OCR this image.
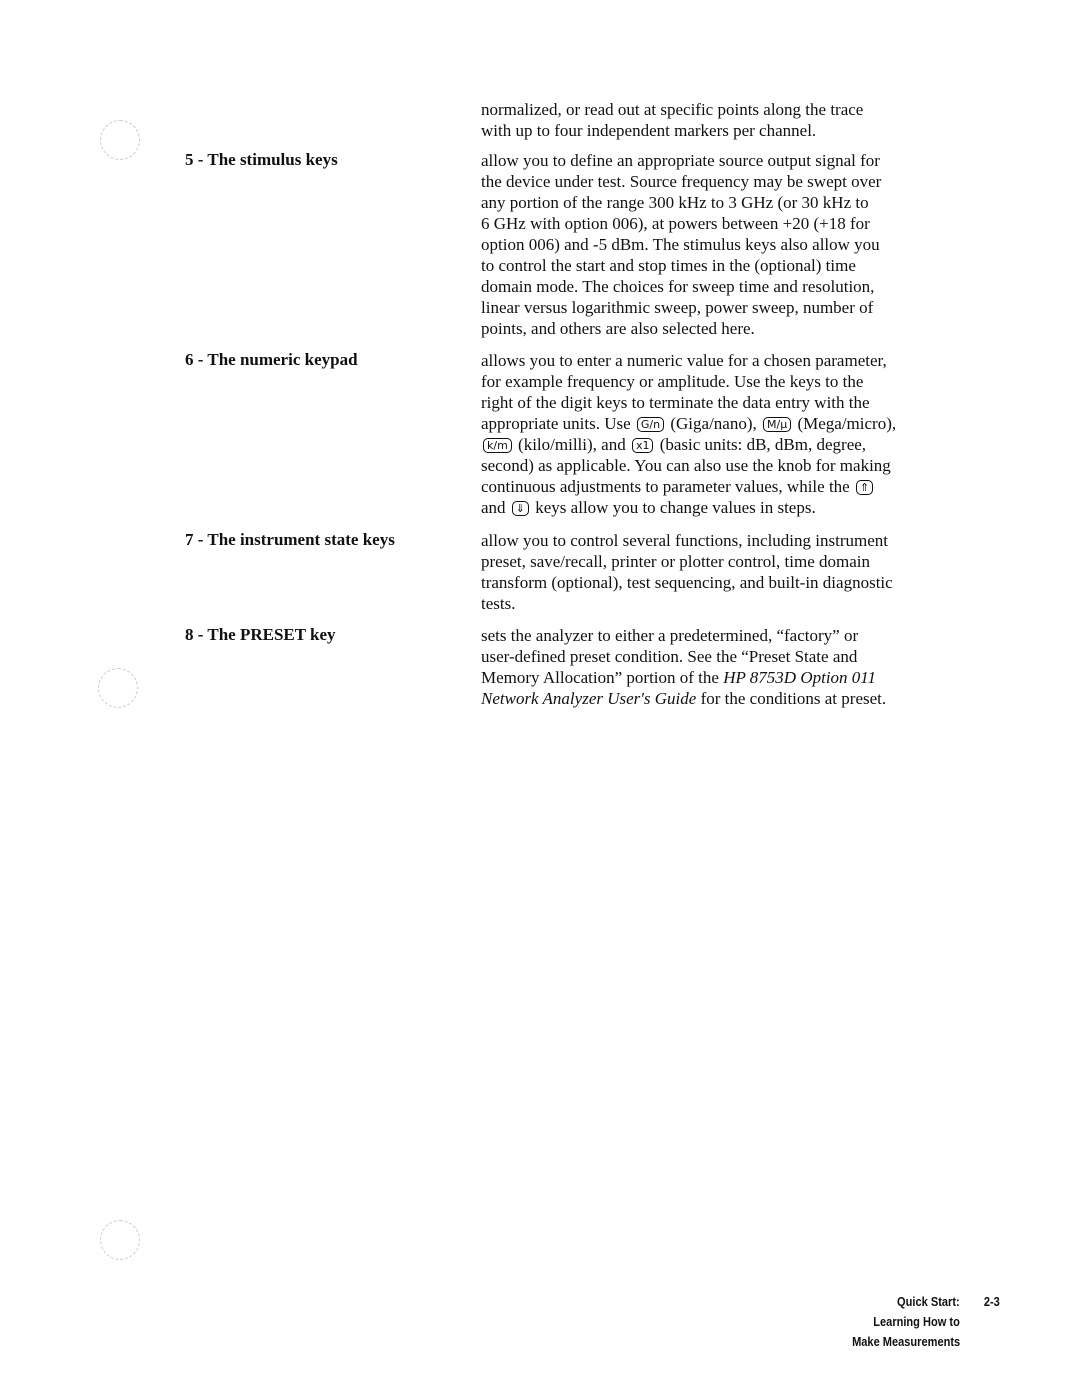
normalized, or read out at specific points along the trace
with up to four independent markers per channel.
5 - The stimulus keys	allow you to define an appropriate source output signal for
the device under test. Source frequency may be swept over
any portion of the range 300 kHz to 3 GHz (or 30 kHz to
6 GHz with option 006), at powers between +20 (+18 for
option 006) and -5 dBm. The stimulus keys also allow you
to control the start and stop times in the (optional) time
domain mode. The choices for sweep time and resolution,
linear versus logarithmic sweep, power sweep, number of
points, and others are also selected here.
6 - The numeric keypad	allows you to enter a numeric value for a chosen parameter,
for example frequency or amplitude. Use the keys to the
right of the digit keys to terminate the data entry with the
appropriate units. Use G/n (Giga/nano), M/µ (Mega/micro),
k/m (kilo/milli), and x1 (basic units: dB, dBm, degree,
second) as applicable. You can also use the knob for making
continuous adjustments to parameter values, while the ⇑
and ⇓ keys allow you to change values in steps.
7 - The instrument state keys	allow you to control several functions, including instrument
preset, save/recall, printer or plotter control, time domain
transform (optional), test sequencing, and built-in diagnostic
tests.
8 - The PRESET key	sets the analyzer to either a predetermined, “factory” or
user-defined preset condition. See the “Preset State and
Memory Allocation” portion of the HP 8753D Option 011
Network Analyzer User's Guide for the conditions at preset.
Quick Start: 2-3
Learning How to
Make Measurements
